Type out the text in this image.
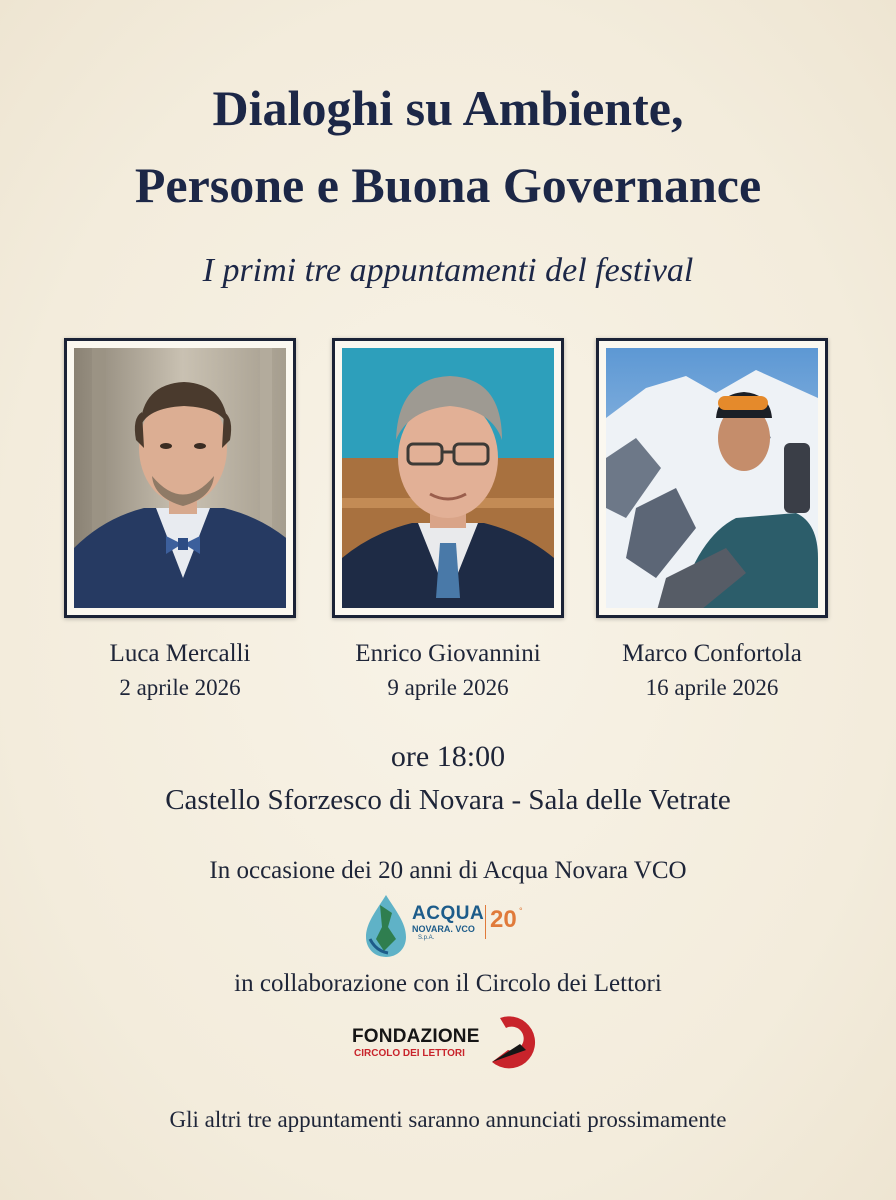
Dialoghi su Ambiente,
Persone e Buona Governance
I primi tre appuntamenti del festival
Luca Mercalli
2 aprile 2026
Enrico Giovannini
9 aprile 2026
Marco Confortola
16 aprile 2026
ore 18:00
Castello Sforzesco di Novara - Sala delle Vetrate
In occasione dei 20 anni di Acqua Novara VCO
ACQUA
NOVARA. VCO
S.p.A.
20 °
in collaborazione con il Circolo dei Lettori
FONDAZIONE
CIRCOLO DEI LETTORI
Gli altri tre appuntamenti saranno annunciati prossimamente
